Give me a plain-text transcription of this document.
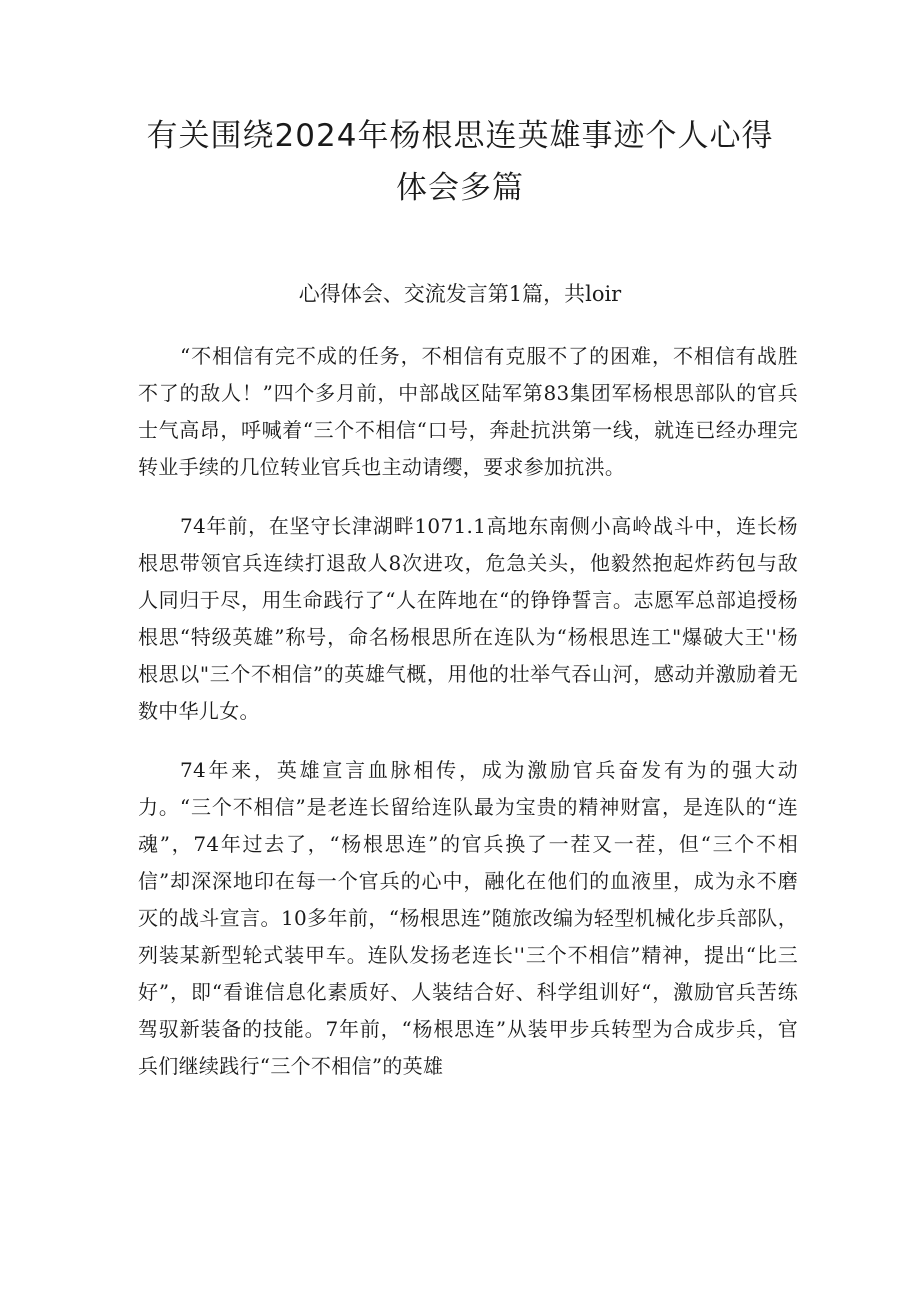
有关围绕2024年杨根思连英雄事迹个人心得体会多篇

心得体会、交流发言第1篇，共loir

“不相信有完不成的任务，不相信有克服不了的困难，不相信有战胜不了的敌人！”四个多月前，中部战区陆军第83集团军杨根思部队的官兵士气高昂，呼喊着“三个不相信“口号，奔赴抗洪第一线，就连已经办理完转业手续的几位转业官兵也主动请缨，要求参加抗洪。

74年前，在坚守长津湖畔1071.1高地东南侧小高岭战斗中，连长杨根思带领官兵连续打退敌人8次进攻，危急关头，他毅然抱起炸药包与敌人同归于尽，用生命践行了“人在阵地在“的铮铮誓言。志愿军总部追授杨根思“特级英雄”称号，命名杨根思所在连队为“杨根思连工"爆破大王''杨根思以"三个不相信”的英雄气概，用他的壮举气吞山河，感动并激励着无数中华儿女。

74年来，英雄宣言血脉相传，成为激励官兵奋发有为的强大动力。“三个不相信”是老连长留给连队最为宝贵的精神财富，是连队的“连魂”，74年过去了，“杨根思连”的官兵换了一茬又一茬，但“三个不相信”却深深地印在每一个官兵的心中，融化在他们的血液里，成为永不磨灭的战斗宣言。10多年前，“杨根思连”随旅改编为轻型机械化步兵部队，列装某新型轮式装甲车。连队发扬老连长''三个不相信”精神，提出“比三好”，即“看谁信息化素质好、人装结合好、科学组训好“，激励官兵苦练驾驭新装备的技能。7年前，“杨根思连”从装甲步兵转型为合成步兵，官兵们继续践行“三个不相信”的英雄
